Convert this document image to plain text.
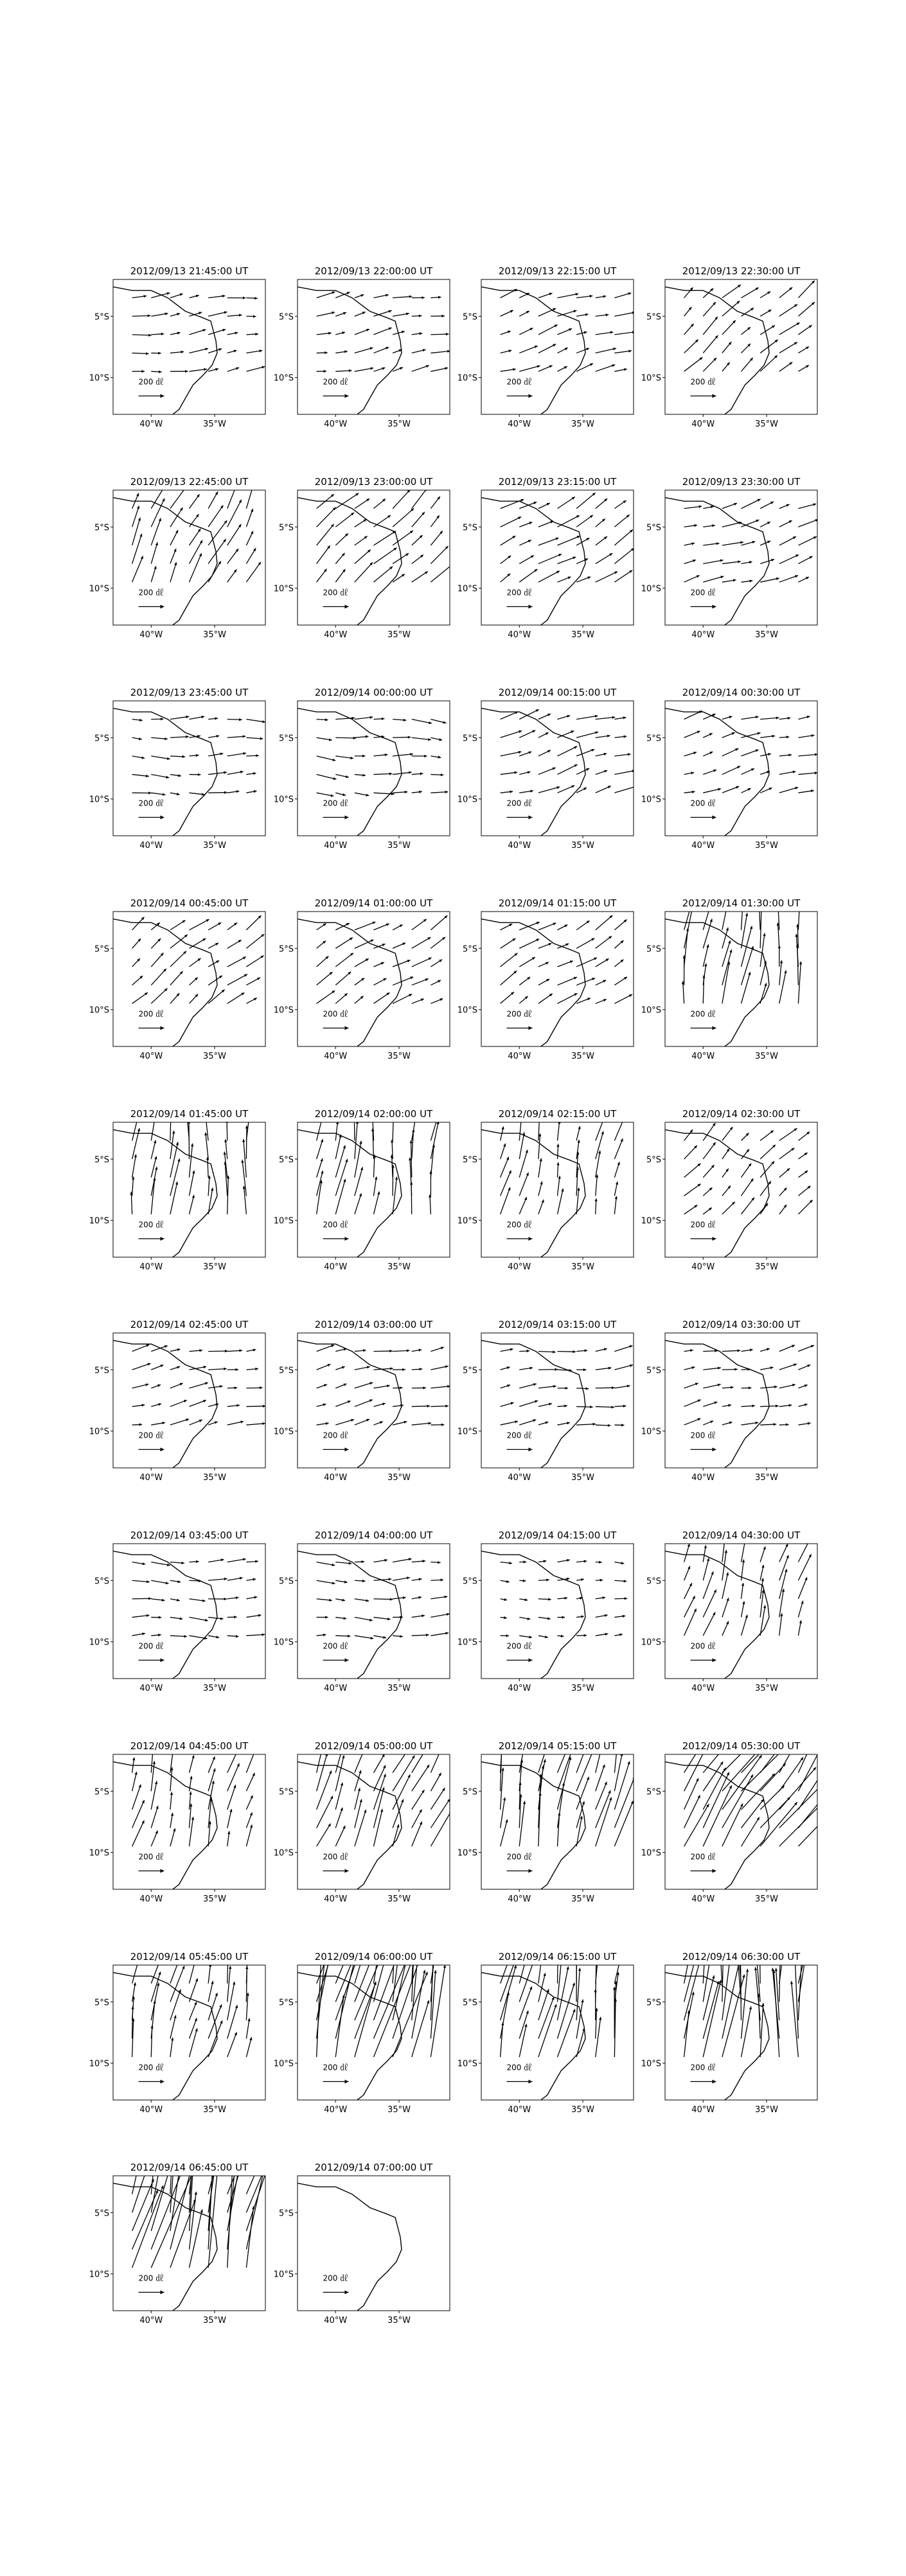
2012/09/13 21:45:00 UT
200 ㎗
5°S
10°S
40°W	35°W
2012/09/13 22:00:00 UT
200 ㎗
5°S
10°S
40°W	35°W
2012/09/13 22:15:00 UT
200 ㎗
5°S
10°S
40°W	35°W
2012/09/13 22:30:00 UT
200 ㎗
5°S
10°S
40°W	35°W
2012/09/13 22:45:00 UT
200 ㎗
5°S
10°S
40°W	35°W
2012/09/13 23:00:00 UT
200 ㎗
5°S
10°S
40°W	35°W
2012/09/13 23:15:00 UT
200 ㎗
5°S
10°S
40°W	35°W
2012/09/13 23:30:00 UT
200 ㎗
5°S
10°S
40°W	35°W
2012/09/13 23:45:00 UT
200 ㎗
5°S
10°S
40°W	35°W
2012/09/14 00:00:00 UT
200 ㎗
5°S
10°S
40°W	35°W
2012/09/14 00:15:00 UT
200 ㎗
5°S
10°S
40°W	35°W
2012/09/14 00:30:00 UT
200 ㎗
5°S
10°S
40°W	35°W
2012/09/14 00:45:00 UT
200 ㎗
5°S
10°S
40°W	35°W
2012/09/14 01:00:00 UT
200 ㎗
5°S
10°S
40°W	35°W
2012/09/14 01:15:00 UT
200 ㎗
5°S
10°S
40°W	35°W
2012/09/14 01:30:00 UT
200 ㎗
5°S
10°S
40°W	35°W
2012/09/14 01:45:00 UT
200 ㎗
5°S
10°S
40°W	35°W
2012/09/14 02:00:00 UT
200 ㎗
5°S
10°S
40°W	35°W
2012/09/14 02:15:00 UT
200 ㎗
5°S
10°S
40°W	35°W
2012/09/14 02:30:00 UT
200 ㎗
5°S
10°S
40°W	35°W
2012/09/14 02:45:00 UT
200 ㎗
5°S
10°S
40°W	35°W
2012/09/14 03:00:00 UT
200 ㎗
5°S
10°S
40°W	35°W
2012/09/14 03:15:00 UT
200 ㎗
5°S
10°S
40°W	35°W
2012/09/14 03:30:00 UT
200 ㎗
5°S
10°S
40°W	35°W
2012/09/14 03:45:00 UT
200 ㎗
5°S
10°S
40°W	35°W
2012/09/14 04:00:00 UT
200 ㎗
5°S
10°S
40°W	35°W
2012/09/14 04:15:00 UT
200 ㎗
5°S
10°S
40°W	35°W
2012/09/14 04:30:00 UT
200 ㎗
5°S
10°S
40°W	35°W
2012/09/14 04:45:00 UT
200 ㎗
5°S
10°S
40°W	35°W
2012/09/14 05:00:00 UT
200 ㎗
5°S
10°S
40°W	35°W
2012/09/14 05:15:00 UT
200 ㎗
5°S
10°S
40°W	35°W
2012/09/14 05:30:00 UT
200 ㎗
5°S
10°S
40°W	35°W
2012/09/14 05:45:00 UT
200 ㎗
5°S
10°S
40°W	35°W
2012/09/14 06:00:00 UT
200 ㎗
5°S
10°S
40°W	35°W
2012/09/14 06:15:00 UT
200 ㎗
5°S
10°S
40°W	35°W
2012/09/14 06:30:00 UT
200 ㎗
5°S
10°S
40°W	35°W
2012/09/14 06:45:00 UT
200 ㎗
5°S
10°S
40°W	35°W
2012/09/14 07:00:00 UT
200 ㎗
5°S
10°S
40°W	35°W
